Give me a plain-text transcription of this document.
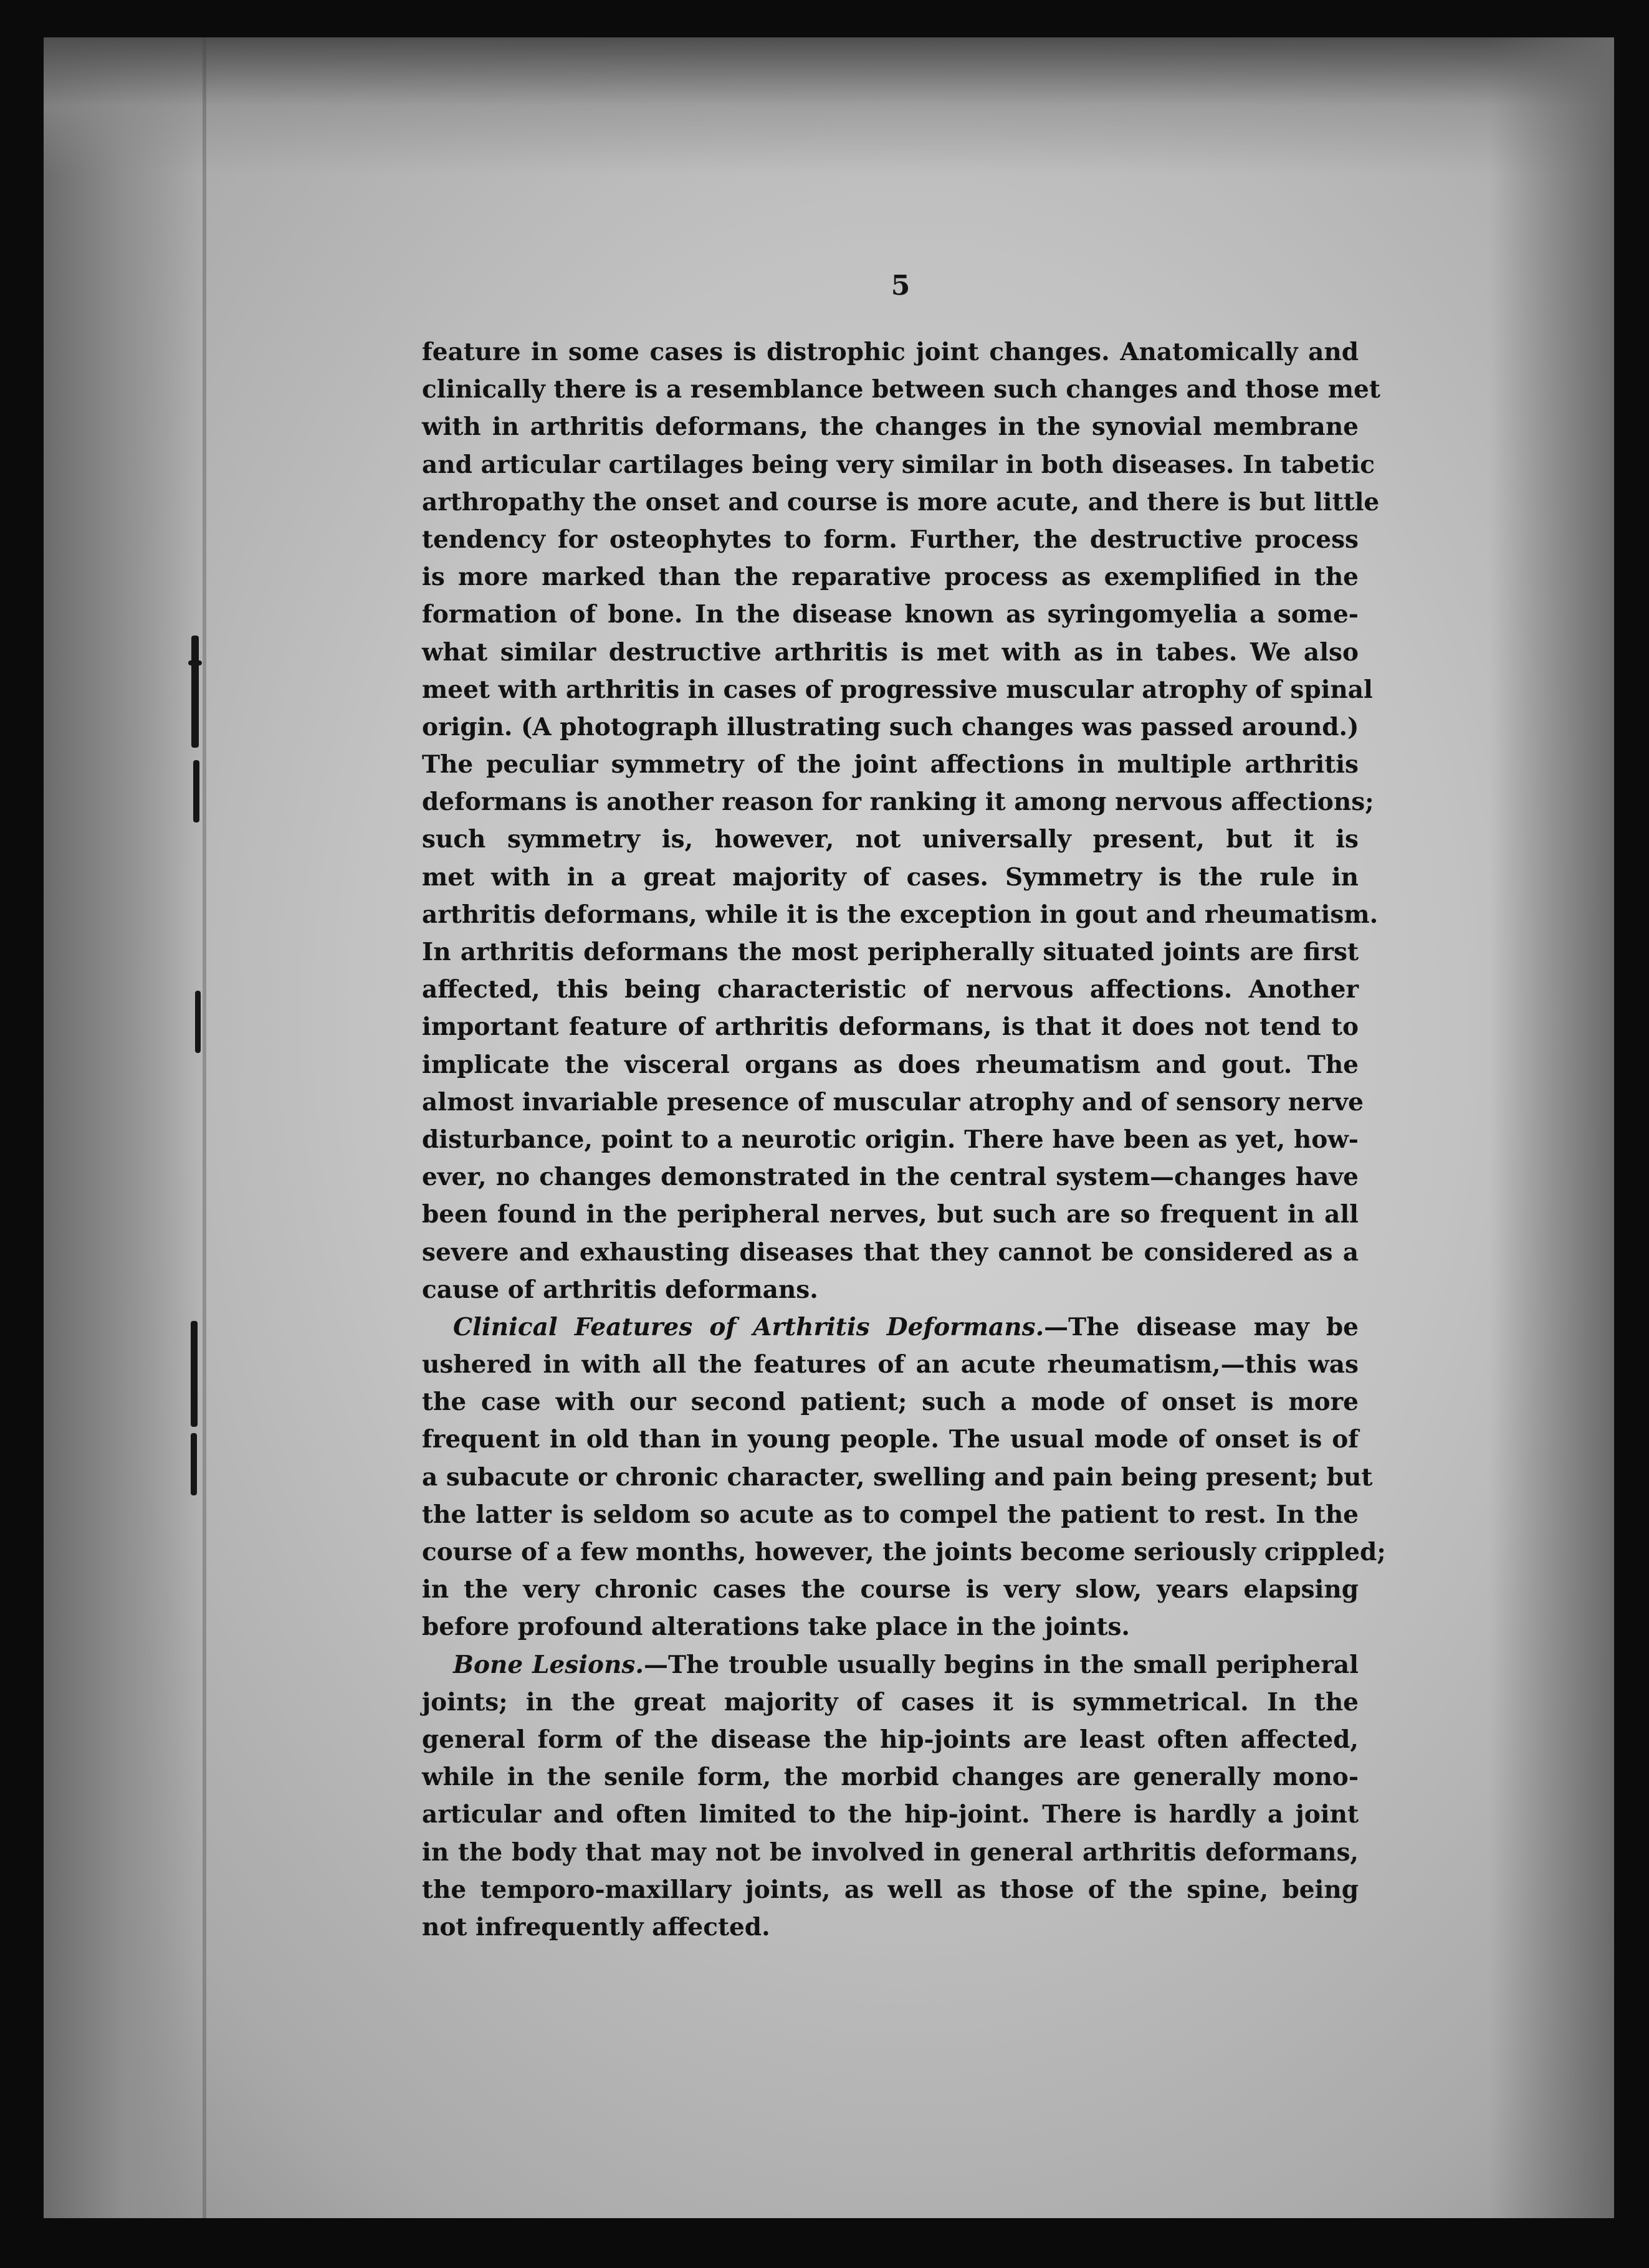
5
feature in some cases is distrophic joint changes. Anatomically and
clinically there is a resemblance between such changes and those met
with in arthritis deformans, the changes in the synovial membrane
and articular cartilages being very similar in both diseases. In tabetic
arthropathy the onset and course is more acute, and there is but little
tendency for osteophytes to form. Further, the destructive process
is more marked than the reparative process as exemplified in the
formation of bone. In the disease known as syringomyelia a some-
what similar destructive arthritis is met with as in tabes. We also
meet with arthritis in cases of progressive muscular atrophy of spinal
origin. (A photograph illustrating such changes was passed around.)
The peculiar symmetry of the joint affections in multiple arthritis
deformans is another reason for ranking it among nervous affections;
such symmetry is, however, not universally present, but it is
met with in a great majority of cases. Symmetry is the rule in
arthritis deformans, while it is the exception in gout and rheumatism.
In arthritis deformans the most peripherally situated joints are first
affected, this being characteristic of nervous affections. Another
important feature of arthritis deformans, is that it does not tend to
implicate the visceral organs as does rheumatism and gout. The
almost invariable presence of muscular atrophy and of sensory nerve
disturbance, point to a neurotic origin. There have been as yet, how-
ever, no changes demonstrated in the central system—changes have
been found in the peripheral nerves, but such are so frequent in all
severe and exhausting diseases that they cannot be considered as a
cause of arthritis deformans.
Clinical Features of Arthritis Deformans.—The disease may be
ushered in with all the features of an acute rheumatism,—this was
the case with our second patient; such a mode of onset is more
frequent in old than in young people. The usual mode of onset is of
a subacute or chronic character, swelling and pain being present; but
the latter is seldom so acute as to compel the patient to rest. In the
course of a few months, however, the joints become seriously crippled;
in the very chronic cases the course is very slow, years elapsing
before profound alterations take place in the joints.
Bone Lesions.—The trouble usually begins in the small peripheral
joints; in the great majority of cases it is symmetrical. In the
general form of the disease the hip-joints are least often affected,
while in the senile form, the morbid changes are generally mono-
articular and often limited to the hip-joint. There is hardly a joint
in the body that may not be involved in general arthritis deformans,
the temporo-maxillary joints, as well as those of the spine, being
not infrequently affected.
